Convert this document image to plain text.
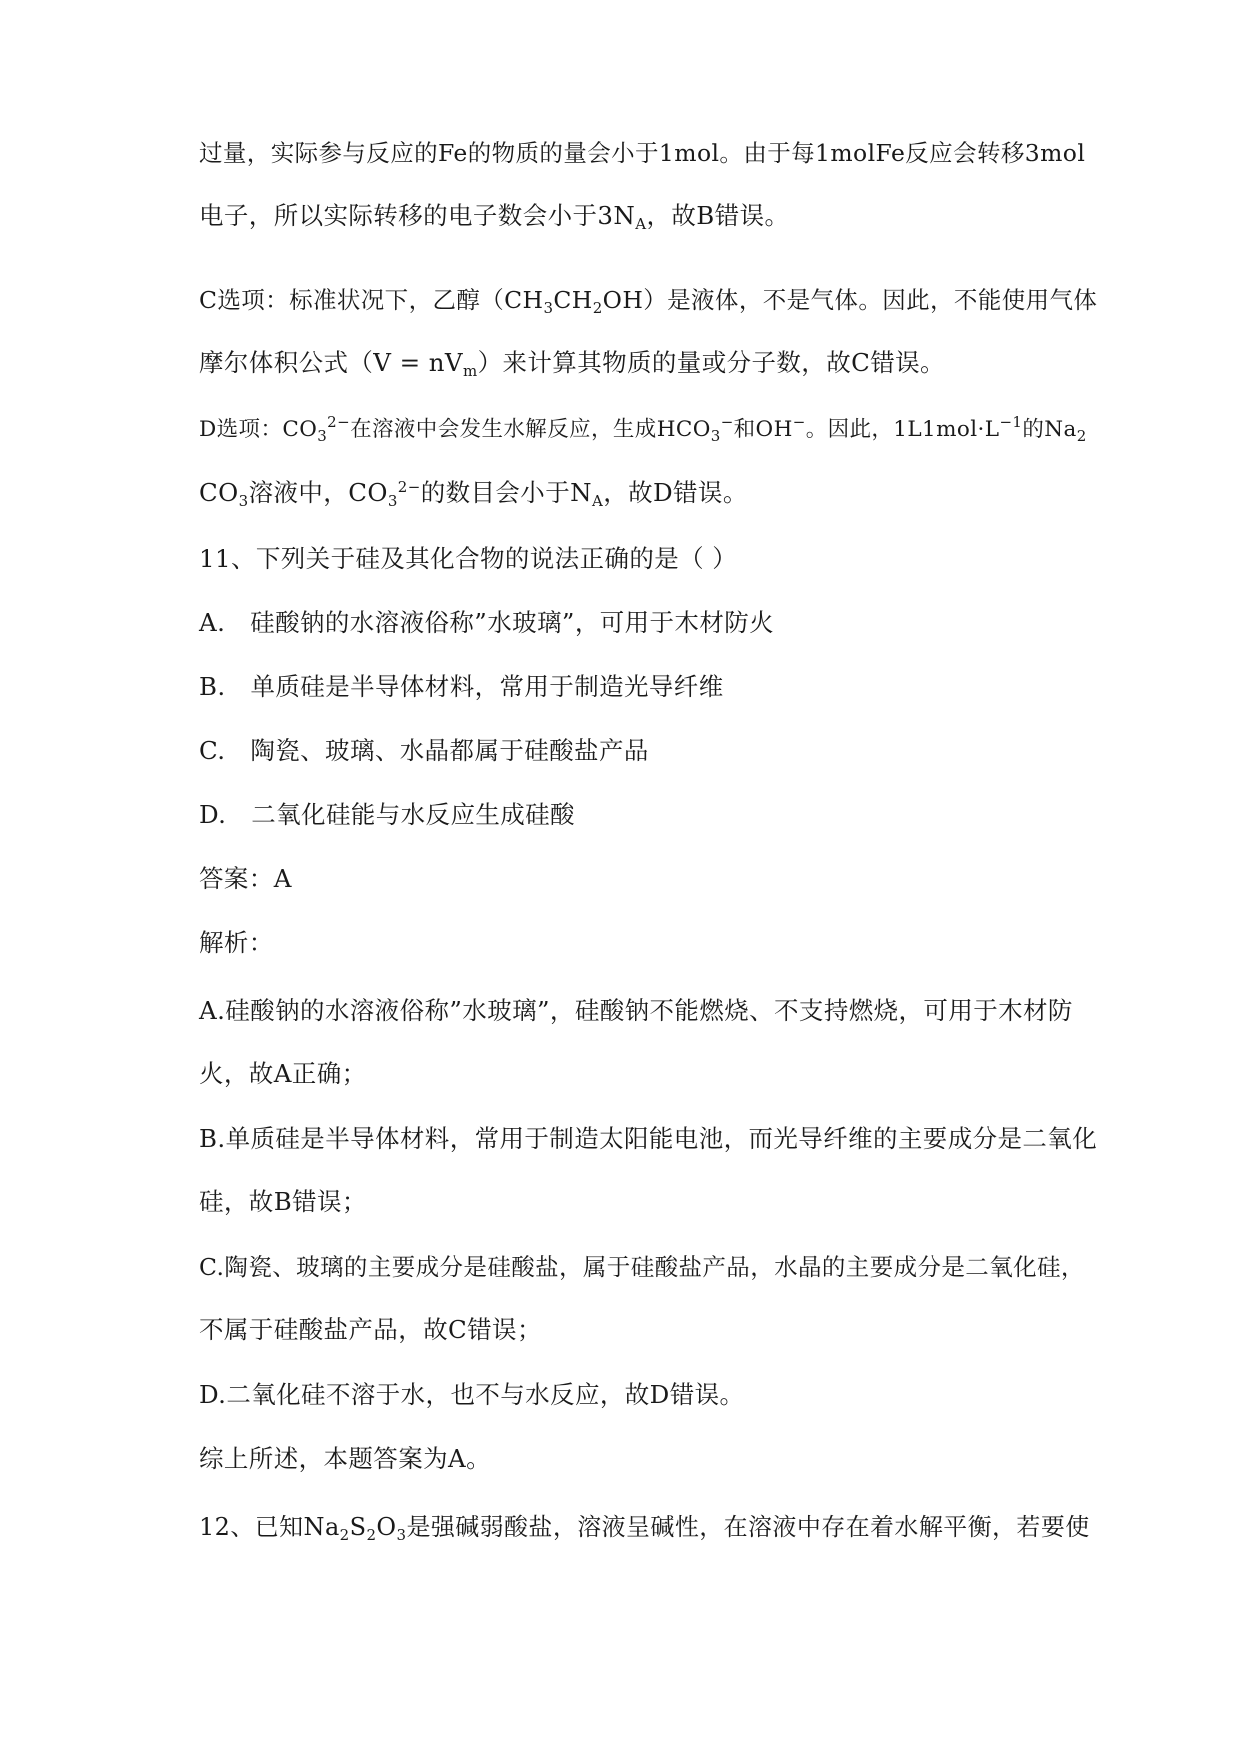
过量，实际参与反应的Fe的物质的量会小于1mol。由于每1molFe反应会转移3mol
电子，所以实际转移的电子数会小于$3N_A$，故B错误。
C选项：标准状况下，乙醇$(CH_3CH_2OH)$是液体，不是气体。因此，不能使用气体
摩尔体积公式$(V = nV_m)$来计算其物质的量或分子数，故C错误。
D选项：$CO_3^{2-}$在溶液中会发生水解反应，生成$HCO_3^-$和OH−。因此，$1L1mol\cdot L^{-1}$的$Na_2$
$CO_3$溶液中，$CO_3^{2-}$的数目会小于$N_A$，故D错误。
11、下列关于硅及其化合物的说法正确的是（ ）
A.　硅酸钠的水溶液俗称”水玻璃”，可用于木材防火
B.　单质硅是半导体材料，常用于制造光导纤维
C.　陶瓷、玻璃、水晶都属于硅酸盐产品
D.　二氧化硅能与水反应生成硅酸
答案：A
解析：
A.硅酸钠的水溶液俗称”水玻璃”，硅酸钠不能燃烧、不支持燃烧，可用于木材防
火，故A正确；
B.单质硅是半导体材料，常用于制造太阳能电池，而光导纤维的主要成分是二氧化
硅，故B错误；
C.陶瓷、玻璃的主要成分是硅酸盐，属于硅酸盐产品，水晶的主要成分是二氧化硅，
不属于硅酸盐产品，故C错误；
D.二氧化硅不溶于水，也不与水反应，故D错误。
综上所述，本题答案为A。
12、已知$Na_2S_2O_3$是强碱弱酸盐，溶液呈碱性，在溶液中存在着水解平衡，若要使
